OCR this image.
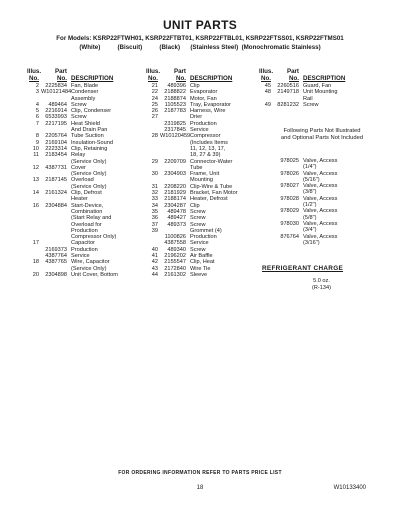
UNIT PARTS
For Models: KSRP22FTWH01, KSRP22FTBT01, KSRP22FTBL01, KSRP22FTSS01, KSRP22FTMS01
(White)          (Biscuit)          (Black)      (Stainless Steel)  (Monochromatic Stainless)
Illus.
No.
Part
No.
DESCRIPTION
2	2225834 Fan, Blade
3 W10121484 Condenser
Assembly
4	489464 Screw
5	2216914 Clip, Condenser
6	6533993 Screw
7	2217195 Heat Shield
And Drain Pan
8	2205764 Tube Suction
9	2169104 Insulation-Sound
10	2223314 Clip, Retaining
11	2183454 Relay
(Service Only)
12	4387731 Cover
(Service Only)
13	2187145 Overload
(Service Only)
14	2161324 Clip, Defrost
Heater
16	2304884 Start-Device,
Combination
(Start Relay and
Overload for
Production
Compressor Only)
17	Capacitor
2169373 Production
4387764 Service
18	4387765 Wire, Capacitor
(Service Only)
20	2304898 Unit Cover, Bottom
Illus.
No.
Part
No.
DESCRIPTION
21	489396 Clip
22	2188822 Evaporator
24	2188874 Motor, Fan
25	1105523 Tray, Evaporator
26	2187783 Harness, Wire
27	Drier
2319825 Production
2317845 Service
28 W10120459 Compressor
(Includes Items
11, 12, 13, 17,
18, 27 & 39)
29	2209709 Connector-Water
Tube
30	2304903 Frame, Unit
Mounting
31	2208220 Clip-Wire & Tube
32	2181929 Bracket, Fan Motor
33	2188174 Heater, Defrost
34	2304287 Clip
35	489478 Screw
36	489427 Screw
37	489373 Screw
39	Grommet (4)
1100826 Production
4387558 Service
40	489340 Screw
41	2196202 Air Baffle
42	2155547 Clip, Heat
43	2172840 Wire Tie
44	2161302 Sleeve
Illus.
No.
Part
No.
DESCRIPTION
45	2260516 Guard, Fan
48	2149718 Unit Mounting
Rail
49	8281232 Screw
Following Parts Not Illustrated
and Optional Parts Not Included
978025 Valve, Access
(1/4")
978026 Valve, Access
(5/16")
978027 Valve, Access
(3/8")
978028 Valve, Access
(1/2")
978029 Valve, Access
(5/8")
978030 Valve, Access
(3/4")
876764 Valve, Access
(3/16")
REFRIGERANT CHARGE
5.0 oz.
(R-134)
FOR ORDERING INFORMATION REFER TO PARTS PRICE LIST
18	W10133400
